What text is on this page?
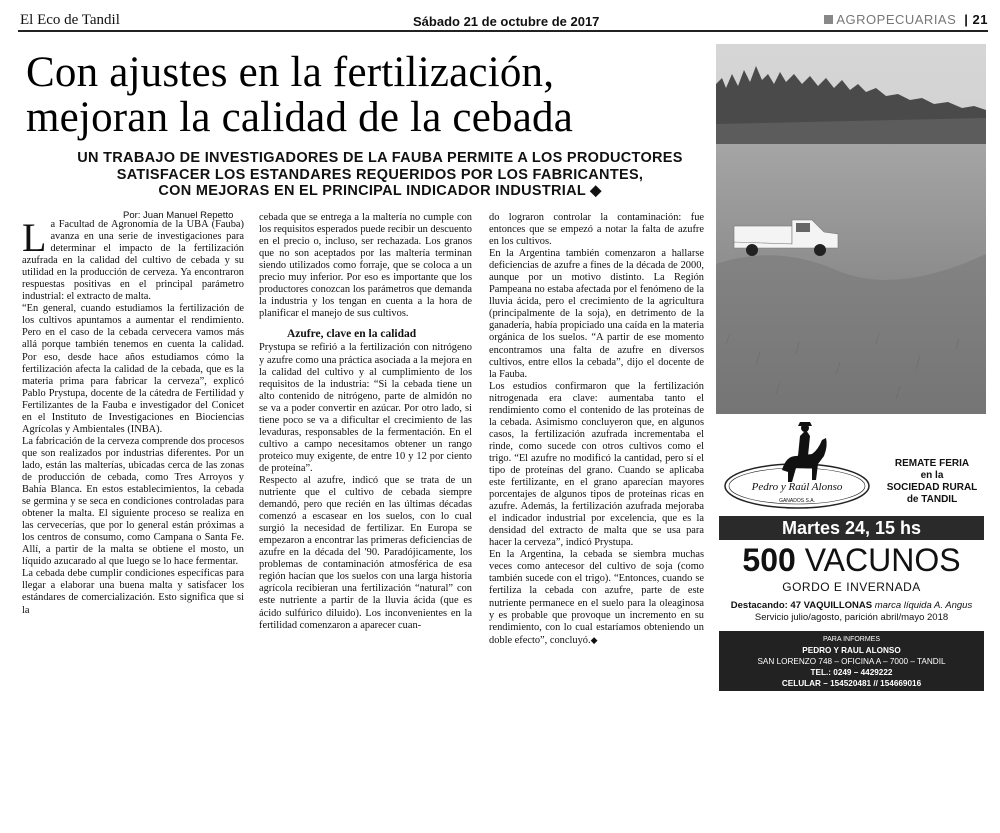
El Eco de Tandil	Sábado 21 de octubre de 2017	AGROPECUARIAS | 21
Con ajustes en la fertilización,
mejoran la calidad de la cebada
UN TRABAJO DE INVESTIGADORES DE LA FAUBA PERMITE A LOS PRODUCTORES
SATISFACER LOS ESTANDARES REQUERIDOS POR LOS FABRICANTES,
CON MEJORAS EN EL PRINCIPAL INDICADOR INDUSTRIAL ◆
Por: Juan Manuel Repetto

La Facultad de Agronomía de la UBA (Fauba) avanza en una serie de investigaciones para determinar el impacto de la fertilización azufrada en la calidad del cultivo de cebada y su utilidad en la producción de cerveza. Ya encontraron respuestas positivas en el principal parámetro industrial: el extracto de malta.

“En general, cuando estudiamos la fertilización de los cultivos apuntamos a aumentar el rendimiento. Pero en el caso de la cebada cervecera vamos más allá porque también tenemos en cuenta la calidad. Por eso, desde hace años estudiamos cómo la fertilización afecta la calidad de la cebada, que es la materia prima para fabricar la cerveza”, explicó Pablo Prystupa, docente de la cátedra de Fertilidad y Fertilizantes de la Fauba e investigador del Conicet en el Instituto de Investigaciones en Biociencias Agrícolas y Ambientales (INBA).

La fabricación de la cerveza comprende dos procesos que son realizados por industrias diferentes. Por un lado, están las malterías, ubicadas cerca de las zonas de producción de cebada, como Tres Arroyos y Bahía Blanca. En estos establecimientos, la cebada se germina y se seca en condiciones controladas para obtener la malta. El siguiente proceso se realiza en las cervecerías, que por lo general están próximas a los centros de consumo, como Campana o Santa Fe. Allí, a partir de la malta se obtiene el mosto, un líquido azucarado al que luego se lo hace fermentar.

La cebada debe cumplir condiciones específicas para llegar a elaborar una buena malta y satisfacer los estándares de comercialización. Esto significa que si la

cebada que se entrega a la maltería no cumple con los requisitos esperados puede recibir un descuento en el precio o, incluso, ser rechazada. Los granos que no son aceptados por las maltería terminan siendo utilizados como forraje, que se coloca a un precio muy inferior. Por eso es importante que los productores conozcan los parámetros que demanda la industria y los tengan en cuenta a la hora de planificar el manejo de sus cultivos.

Azufre, clave en la calidad

Prystupa se refirió a la fertilización con nitrógeno y azufre como una práctica asociada a la mejora en la calidad del cultivo y al cumplimiento de los requisitos de la industria: “Si la cebada tiene un alto contenido de nitrógeno, parte de almidón no se va a poder convertir en azúcar. Por otro lado, si tiene poco se va a dificultar el crecimiento de las levaduras, responsables de la fermentación. En el cultivo a campo necesitamos obtener un rango proteico muy exigente, de entre 10 y 12 por ciento de proteína”.

Respecto al azufre, indicó que se trata de un nutriente que el cultivo de cebada siempre demandó, pero que recién en las últimas décadas comenzó a escasear en los suelos, con lo cual surgió la necesidad de fertilizar. En Europa se empezaron a encontrar las primeras deficiencias de azufre en la década del '90. Paradójicamente, los problemas de contaminación atmosférica de esa región hacían que los suelos con una larga historia agrícola recibieran una fertilización “natural” con este nutriente a partir de la lluvia ácida (que es ácido sulfúrico diluido). Los inconvenientes en la fertilidad comenzaron a aparecer cuan-

do lograron controlar la contaminación: fue entonces que se empezó a notar la falta de azufre en los cultivos.

En la Argentina también comenzaron a hallarse deficiencias de azufre a fines de la década de 2000, aunque por un motivo distinto. La Región Pampeana no estaba afectada por el fenómeno de la lluvia ácida, pero el crecimiento de la agricultura (principalmente de la soja), en detrimento de la ganadería, había propiciado una caída en la materia orgánica de los suelos. “A partir de ese momento encontramos una falta de azufre en diversos cultivos, entre ellos la cebada”, dijo el docente de la Fauba.

Los estudios confirmaron que la fertilización nitrogenada era clave: aumentaba tanto el rendimiento como el contenido de las proteínas de la cebada. Asimismo concluyeron que, en algunos casos, la fertilización azufrada incrementaba el rinde, como sucede con otros cultivos como el trigo. “El azufre no modificó la cantidad, pero sí el tipo de proteínas del grano. Cuando se aplicaba este fertilizante, en el grano aparecían mayores porcentajes de algunos tipos de proteínas ricas en azufre. Además, la fertilización azufrada mejoraba el indicador industrial por excelencia, que es la densidad del extracto de malta que se usa para hacer la cerveza”, indicó Prystupa.

En la Argentina, la cebada se siembra muchas veces como antecesor del cultivo de soja (como también sucede con el trigo). “Entonces, cuando se fertiliza la cebada con azufre, parte de este nutriente permanece en el suelo para la oleaginosa y es probable que provoque un incremento en su rendimiento, con lo cual estaríamos obteniendo un doble efecto”, concluyó.◆

Pedro y Raúl Alonso
GANADOS S.A.
REMATE FERIA
en la
SOCIEDAD RURAL
de TANDIL
Martes 24, 15 hs
500 VACUNOS
GORDO E INVERNADA
Destacando: 47 VAQUILLONAS marca líquida A. Angus
Servicio julio/agosto, parición abril/mayo 2018
PARA INFORMES
PEDRO Y RAUL ALONSO
SAN LORENZO 748 – OFICINA A – 7000 – TANDIL
TEL.: 0249 – 4429222
CELULAR – 154520481 // 154669016
